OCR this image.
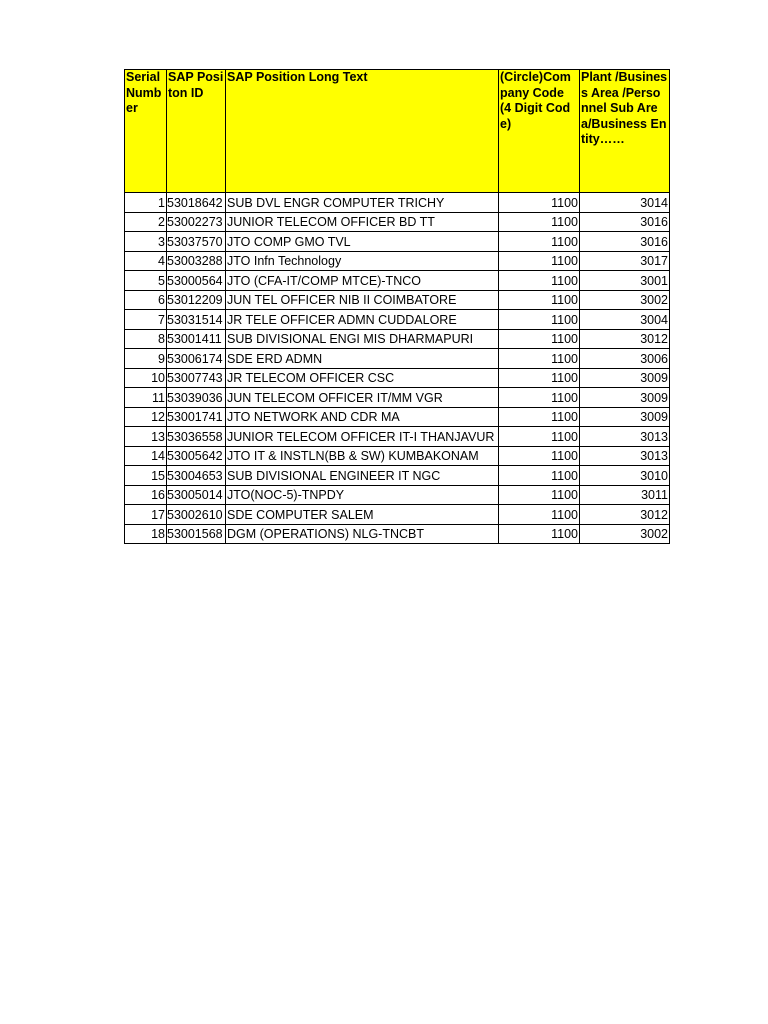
Serial Number	SAP Positon ID	SAP Position Long Text	(Circle)Company Code (4 Digit Code)	Plant /Business Area /Personnel Sub Area/Business Entity……
1	53018642	SUB DVL ENGR COMPUTER TRICHY	1100	3014
2	53002273	JUNIOR TELECOM OFFICER BD TT	1100	3016
3	53037570	JTO COMP GMO TVL	1100	3016
4	53003288	JTO Infn Technology	1100	3017
5	53000564	JTO (CFA-IT/COMP MTCE)-TNCO	1100	3001
6	53012209	JUN TEL OFFICER NIB II COIMBATORE	1100	3002
7	53031514	JR TELE OFFICER ADMN CUDDALORE	1100	3004
8	53001411	SUB DIVISIONAL ENGI MIS DHARMAPURI	1100	3012
9	53006174	SDE ERD ADMN	1100	3006
10	53007743	JR TELECOM OFFICER CSC	1100	3009
11	53039036	JUN TELECOM OFFICER IT/MM VGR	1100	3009
12	53001741	JTO NETWORK AND CDR MA	1100	3009
13	53036558	JUNIOR TELECOM OFFICER IT-I THANJAVUR	1100	3013
14	53005642	JTO IT & INSTLN(BB & SW) KUMBAKONAM	1100	3013
15	53004653	SUB DIVISIONAL ENGINEER IT NGC	1100	3010
16	53005014	JTO(NOC-5)-TNPDY	1100	3011
17	53002610	SDE COMPUTER SALEM	1100	3012
18	53001568	DGM (OPERATIONS) NLG-TNCBT	1100	3002
